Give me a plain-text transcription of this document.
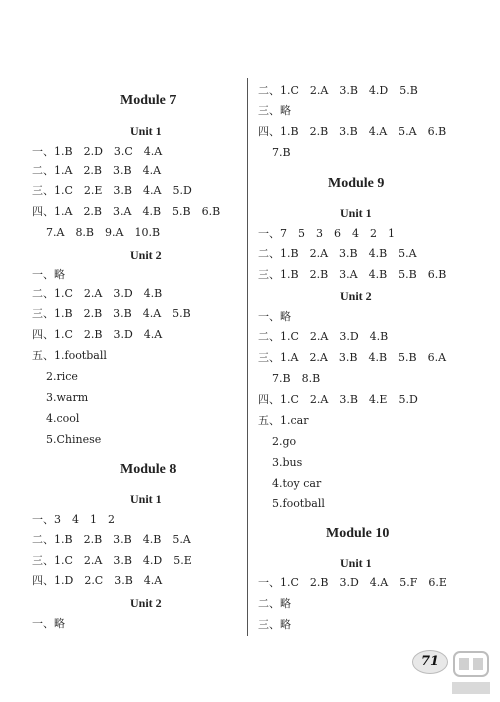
Module 7
Unit 1
一、1.B　2.D　3.C　4.A
二、1.A　2.B　3.B　4.A
三、1.C　2.E　3.B　4.A　5.D
四、1.A　2.B　3.A　4.B　5.B　6.B
7.A　8.B　9.A　10.B
Unit 2
一、略
二、1.C　2.A　3.D　4.B
三、1.B　2.B　3.B　4.A　5.B
四、1.C　2.B　3.D　4.A
五、1.football
2.rice
3.warm
4.cool
5.Chinese
Module 8
Unit 1
一、3　4　1　2
二、1.B　2.B　3.B　4.B　5.A
三、1.C　2.A　3.B　4.D　5.E
四、1.D　2.C　3.B　4.A
Unit 2
一、略
二、1.C　2.A　3.B　4.D　5.B
三、略
四、1.B　2.B　3.B　4.A　5.A　6.B
7.B
Module 9
Unit 1
一、7　5　3　6　4　2　1
二、1.B　2.A　3.B　4.B　5.A
三、1.B　2.B　3.A　4.B　5.B　6.B
Unit 2
一、略
二、1.C　2.A　3.D　4.B
三、1.A　2.A　3.B　4.B　5.B　6.A
7.B　8.B
四、1.C　2.A　3.B　4.E　5.D
五、1.car
2.go
3.bus
4.toy car
5.football
Module 10
Unit 1
一、1.C　2.B　3.D　4.A　5.F　6.E
二、略
三、略
71
